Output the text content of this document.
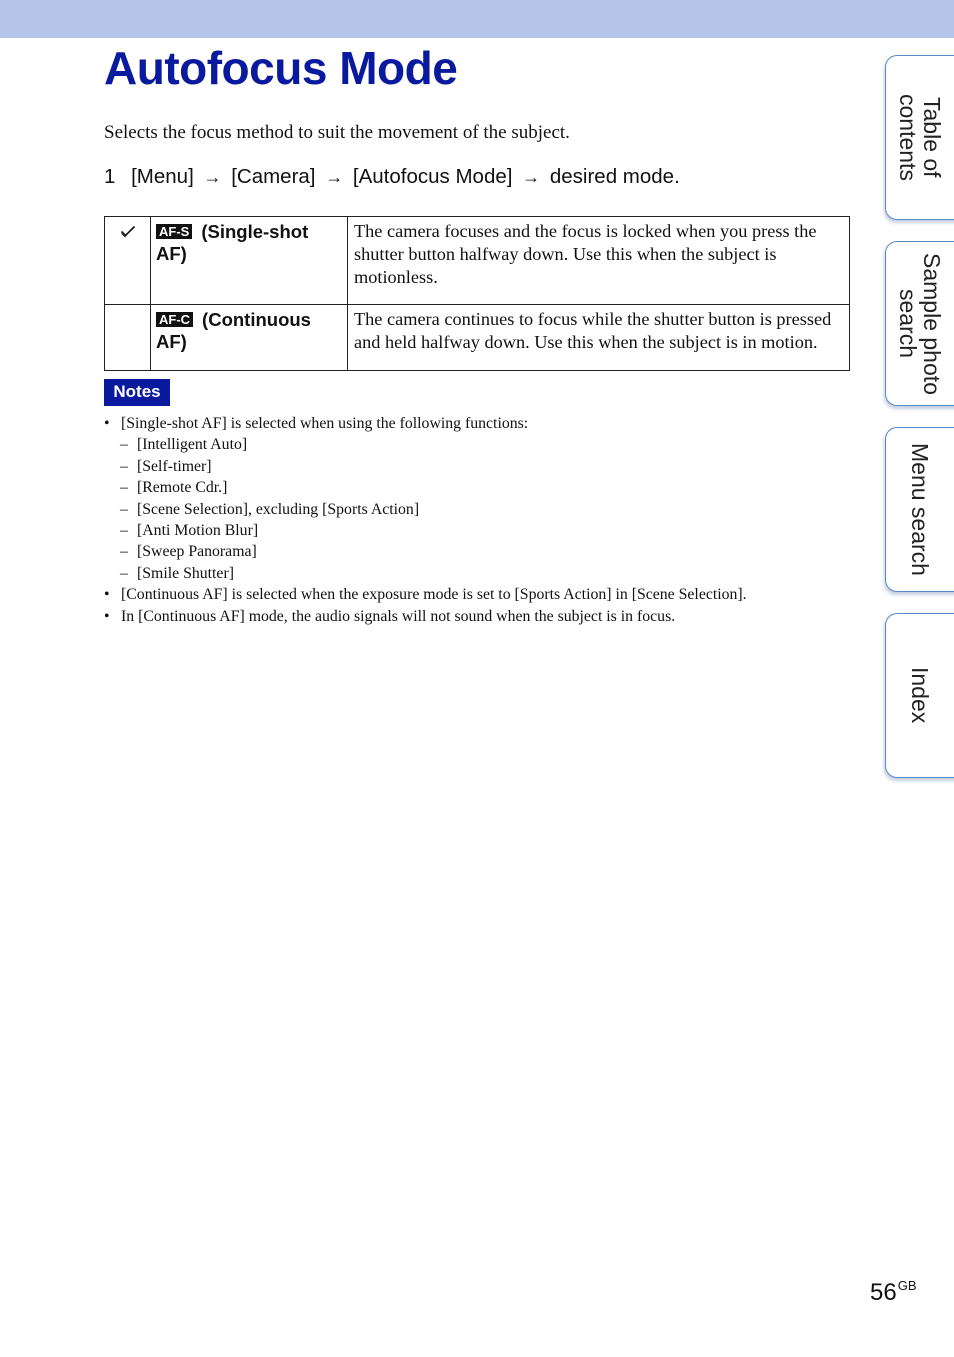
Autofocus Mode
Selects the focus method to suit the movement of the subject.
1 [Menu] → [Camera] → [Autofocus Mode] → desired mode.
	AF-S (Single-shot AF)	The camera focuses and the focus is locked when you press the shutter button halfway down. Use this when the subject is motionless.
	AF-C (Continuous AF)	The camera continues to focus while the shutter button is pressed and held halfway down. Use this when the subject is in motion.
Notes
• [Single-shot AF] is selected when using the following functions:
– [Intelligent Auto]
– [Self-timer]
– [Remote Cdr.]
– [Scene Selection], excluding [Sports Action]
– [Anti Motion Blur]
– [Sweep Panorama]
– [Smile Shutter]
• [Continuous AF] is selected when the exposure mode is set to [Sports Action] in [Scene Selection].
• In [Continuous AF] mode, the audio signals will not sound when the subject is in focus.
Table of
contents
Sample photo
search
Menu search
Index
$56^{GB}$
